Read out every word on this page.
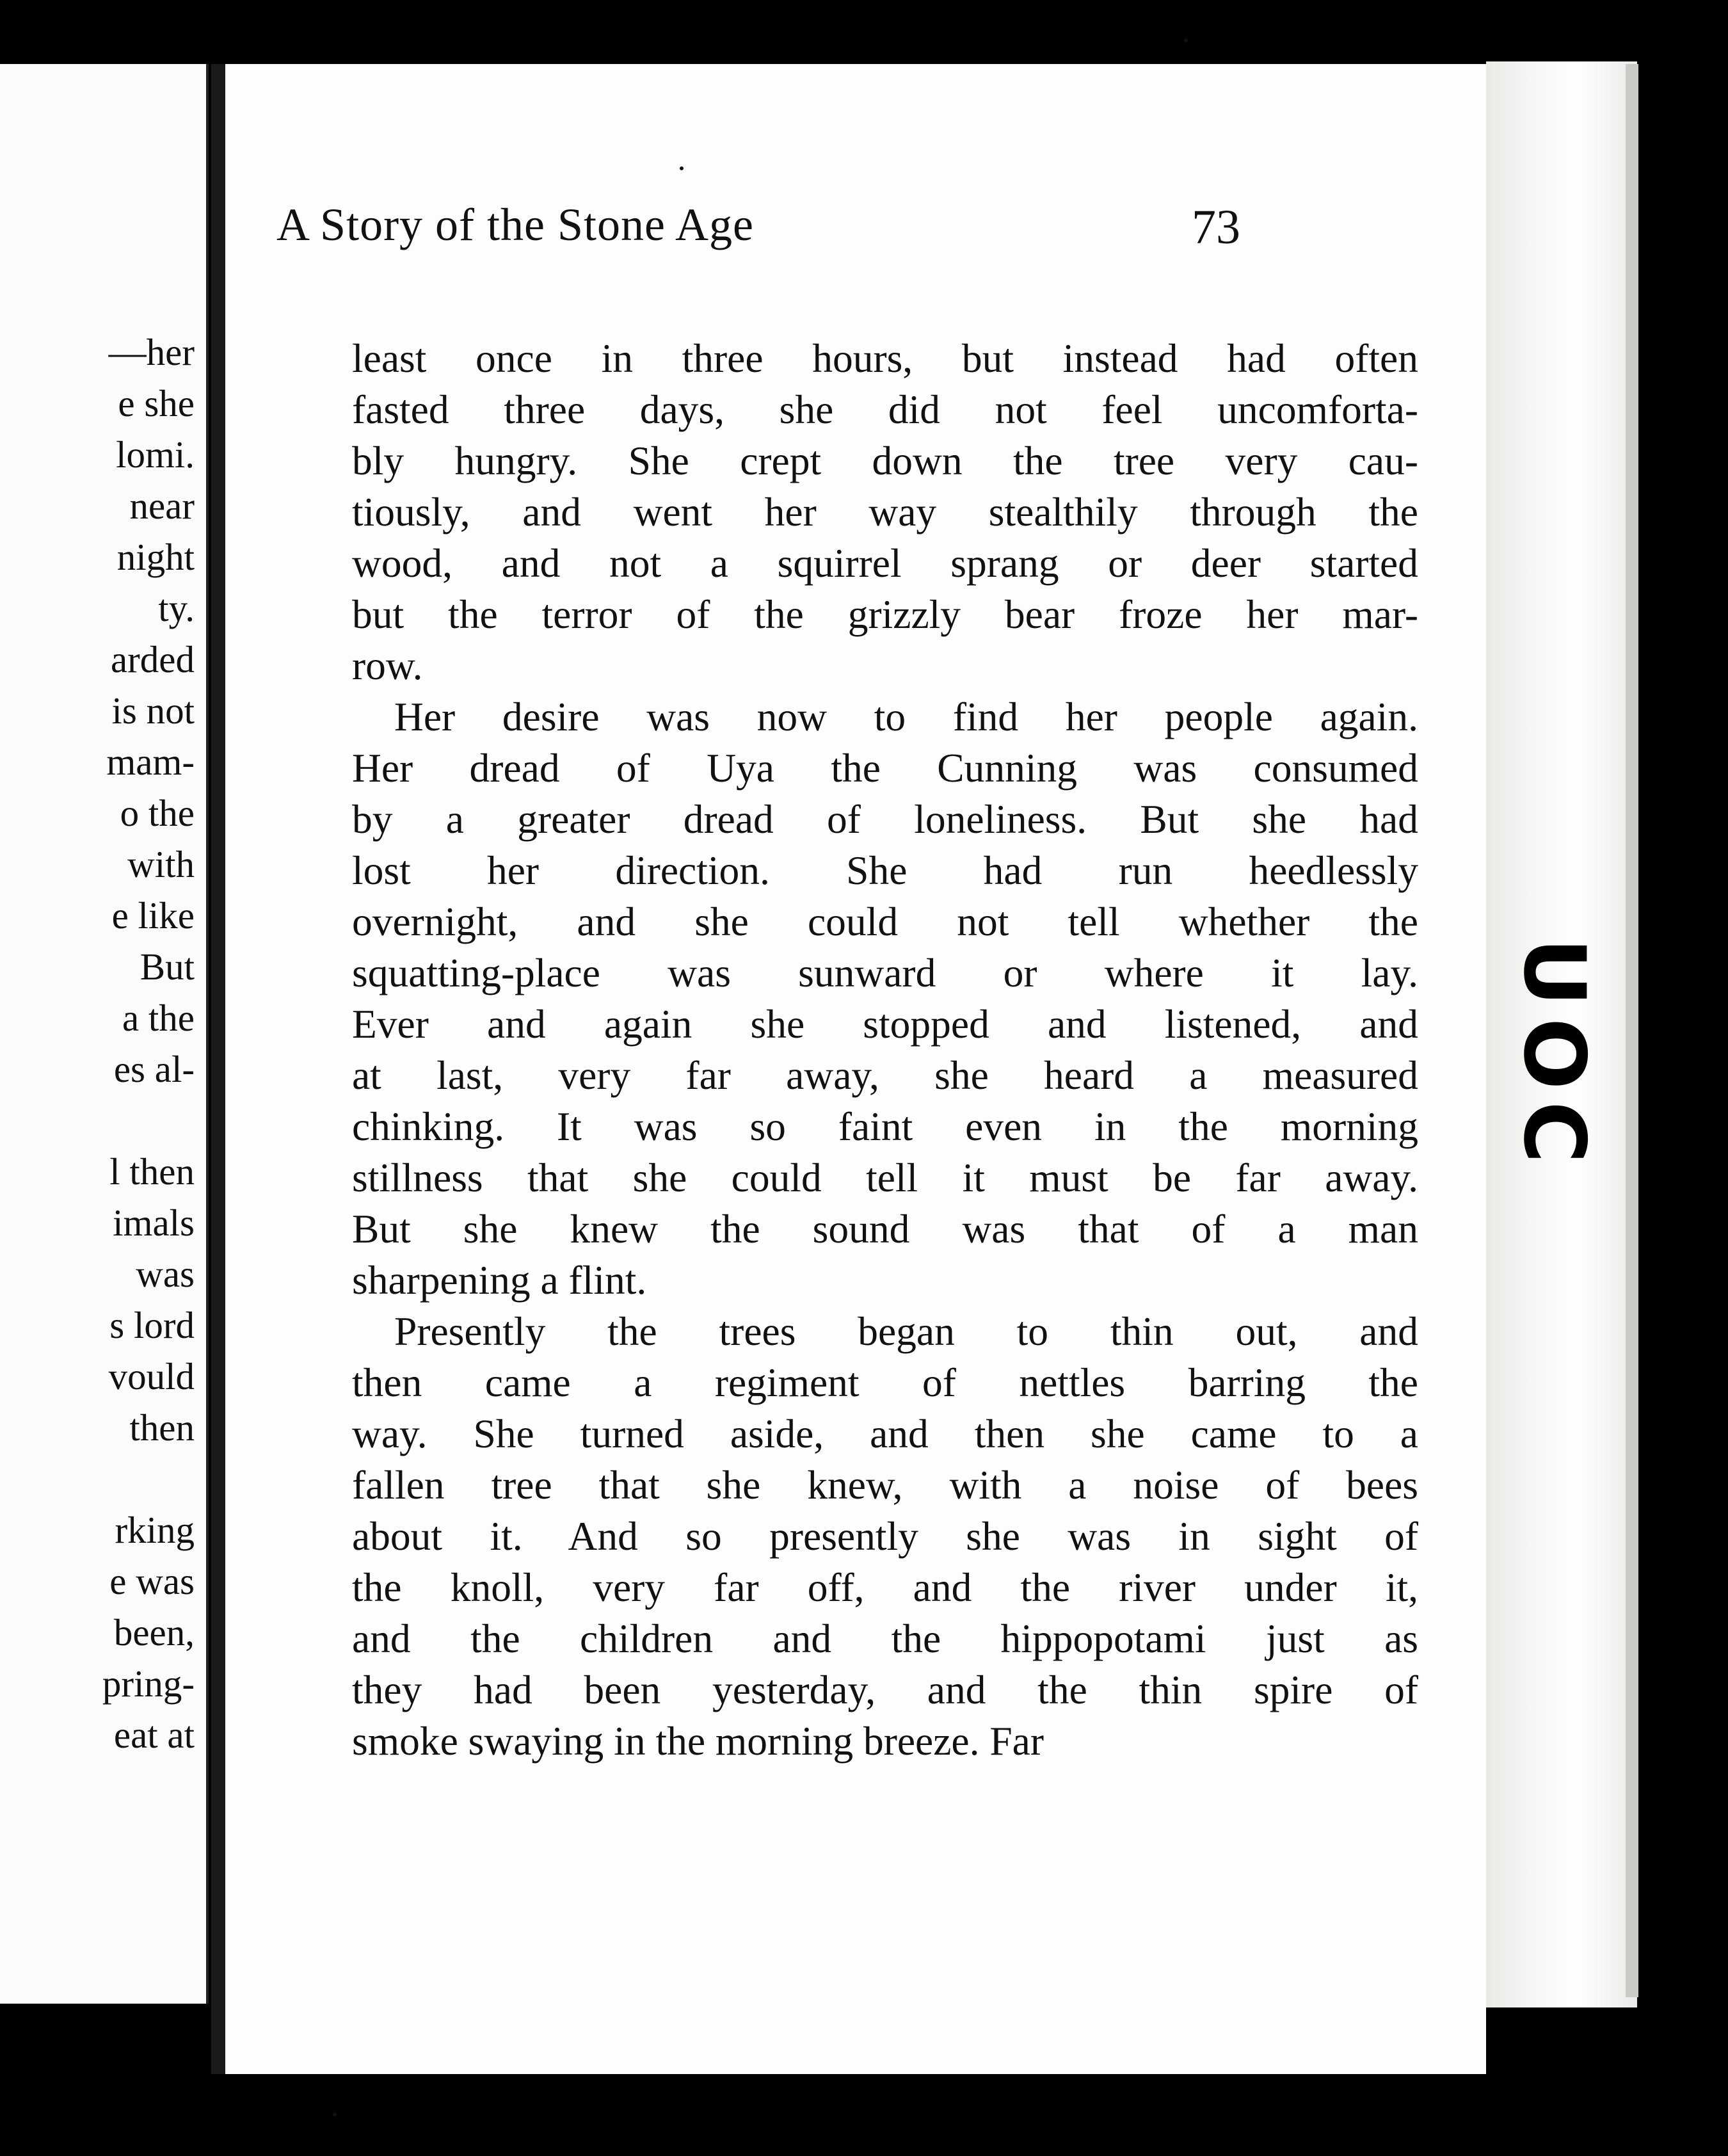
—her
e she
lomi.
near
night
ty.
arded
is not
mam-
o the
with
e like
But
a the
es al-
l then
imals
was
s lord
vould
then
rking
e was
been,
pring-
eat at
least once in three hours, but instead had often
fasted three days, she did not feel uncomforta-
bly hungry. She crept down the tree very cau-
tiously, and went her way stealthily through the
wood, and not a squirrel sprang or deer started
but the terror of the grizzly bear froze her mar-
row.
Her desire was now to find her people again.
Her dread of Uya the Cunning was consumed
by a greater dread of loneliness. But she had
lost her direction. She had run heedlessly
overnight, and she could not tell whether the
squatting-place was sunward or where it lay.
Ever and again she stopped and listened, and
at last, very far away, she heard a measured
chinking. It was so faint even in the morning
stillness that she could tell it must be far away.
But she knew the sound was that of a man
sharpening a flint.
Presently the trees began to thin out, and
then came a regiment of nettles barring the
way. She turned aside, and then she came to a
fallen tree that she knew, with a noise of bees
about it. And so presently she was in sight of
the knoll, very far off, and the river under it,
and the children and the hippopotami just as
they had been yesterday, and the thin spire of
smoke swaying in the morning breeze. Far
A Story of the Stone Age	73
UOC
